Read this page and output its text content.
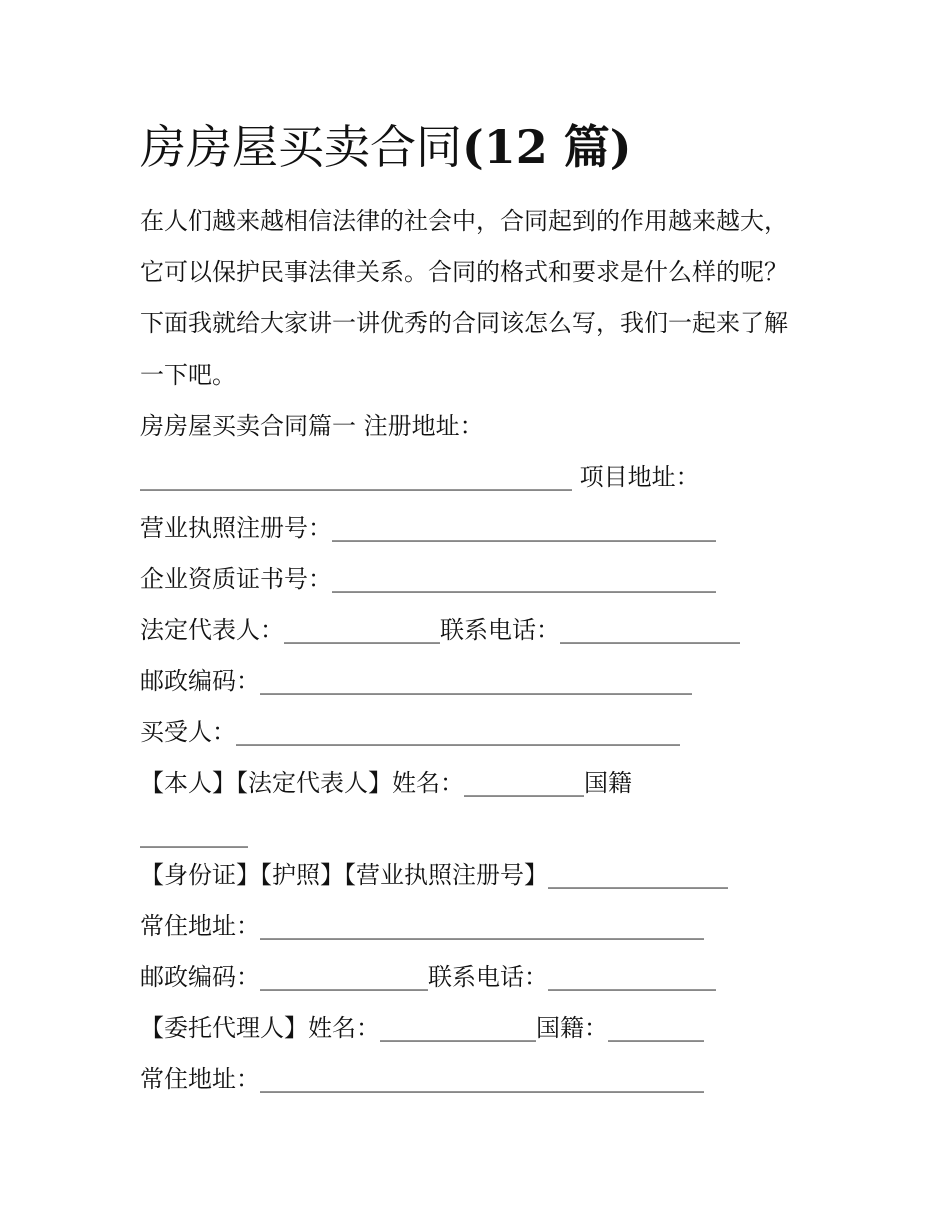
房房屋买卖合同(12 篇)
在人们越来越相信法律的社会中，合同起到的作用越来越大，
它可以保护民事法律关系。合同的格式和要求是什么样的呢？
下面我就给大家讲一讲优秀的合同该怎么写，我们一起来了解
一下吧。
房房屋买卖合同篇一 注册地址：
____________________________________ 项目地址：
营业执照注册号：________________________________
企业资质证书号：________________________________
法定代表人：_____________联系电话：_______________
邮政编码：____________________________________
买受人：_____________________________________
【本人】【法定代表人】姓名：__________国籍
_________
【身份证】【护照】【营业执照注册号】_______________
常住地址：_____________________________________
邮政编码：______________联系电话：______________
【委托代理人】姓名：_____________国籍：________
常住地址：_____________________________________
